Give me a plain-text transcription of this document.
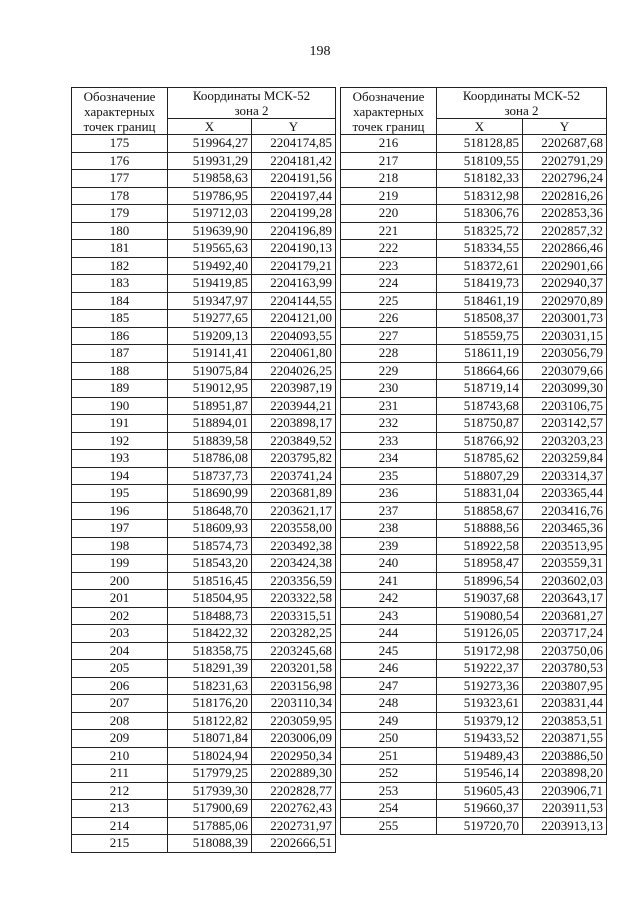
198
Обозначение
характерных
точек границ	Координаты МСК-52	
	зона 2	
	X	Y
175	519964,27	2204174,85
176	519931,29	2204181,42
177	519858,63	2204191,56
178	519786,95	2204197,44
179	519712,03	2204199,28
180	519639,90	2204196,89
181	519565,63	2204190,13
182	519492,40	2204179,21
183	519419,85	2204163,99
184	519347,97	2204144,55
185	519277,65	2204121,00
186	519209,13	2204093,55
187	519141,41	2204061,80
188	519075,84	2204026,25
189	519012,95	2203987,19
190	518951,87	2203944,21
191	518894,01	2203898,17
192	518839,58	2203849,52
193	518786,08	2203795,82
194	518737,73	2203741,24
195	518690,99	2203681,89
196	518648,70	2203621,17
197	518609,93	2203558,00
198	518574,73	2203492,38
199	518543,20	2203424,38
200	518516,45	2203356,59
201	518504,95	2203322,58
202	518488,73	2203315,51
203	518422,32	2203282,25
204	518358,75	2203245,68
205	518291,39	2203201,58
206	518231,63	2203156,98
207	518176,20	2203110,34
208	518122,82	2203059,95
209	518071,84	2203006,09
210	518024,94	2202950,34
211	517979,25	2202889,30
212	517939,30	2202828,77
213	517900,69	2202762,43
214	517885,06	2202731,97
215	518088,39	2202666,51
Обозначение
характерных
точек границ	Координаты МСК-52	
	зона 2	
	X	Y
216	518128,85	2202687,68
217	518109,55	2202791,29
218	518182,33	2202796,24
219	518312,98	2202816,26
220	518306,76	2202853,36
221	518325,72	2202857,32
222	518334,55	2202866,46
223	518372,61	2202901,66
224	518419,73	2202940,37
225	518461,19	2202970,89
226	518508,37	2203001,73
227	518559,75	2203031,15
228	518611,19	2203056,79
229	518664,66	2203079,66
230	518719,14	2203099,30
231	518743,68	2203106,75
232	518750,87	2203142,57
233	518766,92	2203203,23
234	518785,62	2203259,84
235	518807,29	2203314,37
236	518831,04	2203365,44
237	518858,67	2203416,76
238	518888,56	2203465,36
239	518922,58	2203513,95
240	518958,47	2203559,31
241	518996,54	2203602,03
242	519037,68	2203643,17
243	519080,54	2203681,27
244	519126,05	2203717,24
245	519172,98	2203750,06
246	519222,37	2203780,53
247	519273,36	2203807,95
248	519323,61	2203831,44
249	519379,12	2203853,51
250	519433,52	2203871,55
251	519489,43	2203886,50
252	519546,14	2203898,20
253	519605,43	2203906,71
254	519660,37	2203911,53
255	519720,70	2203913,13
